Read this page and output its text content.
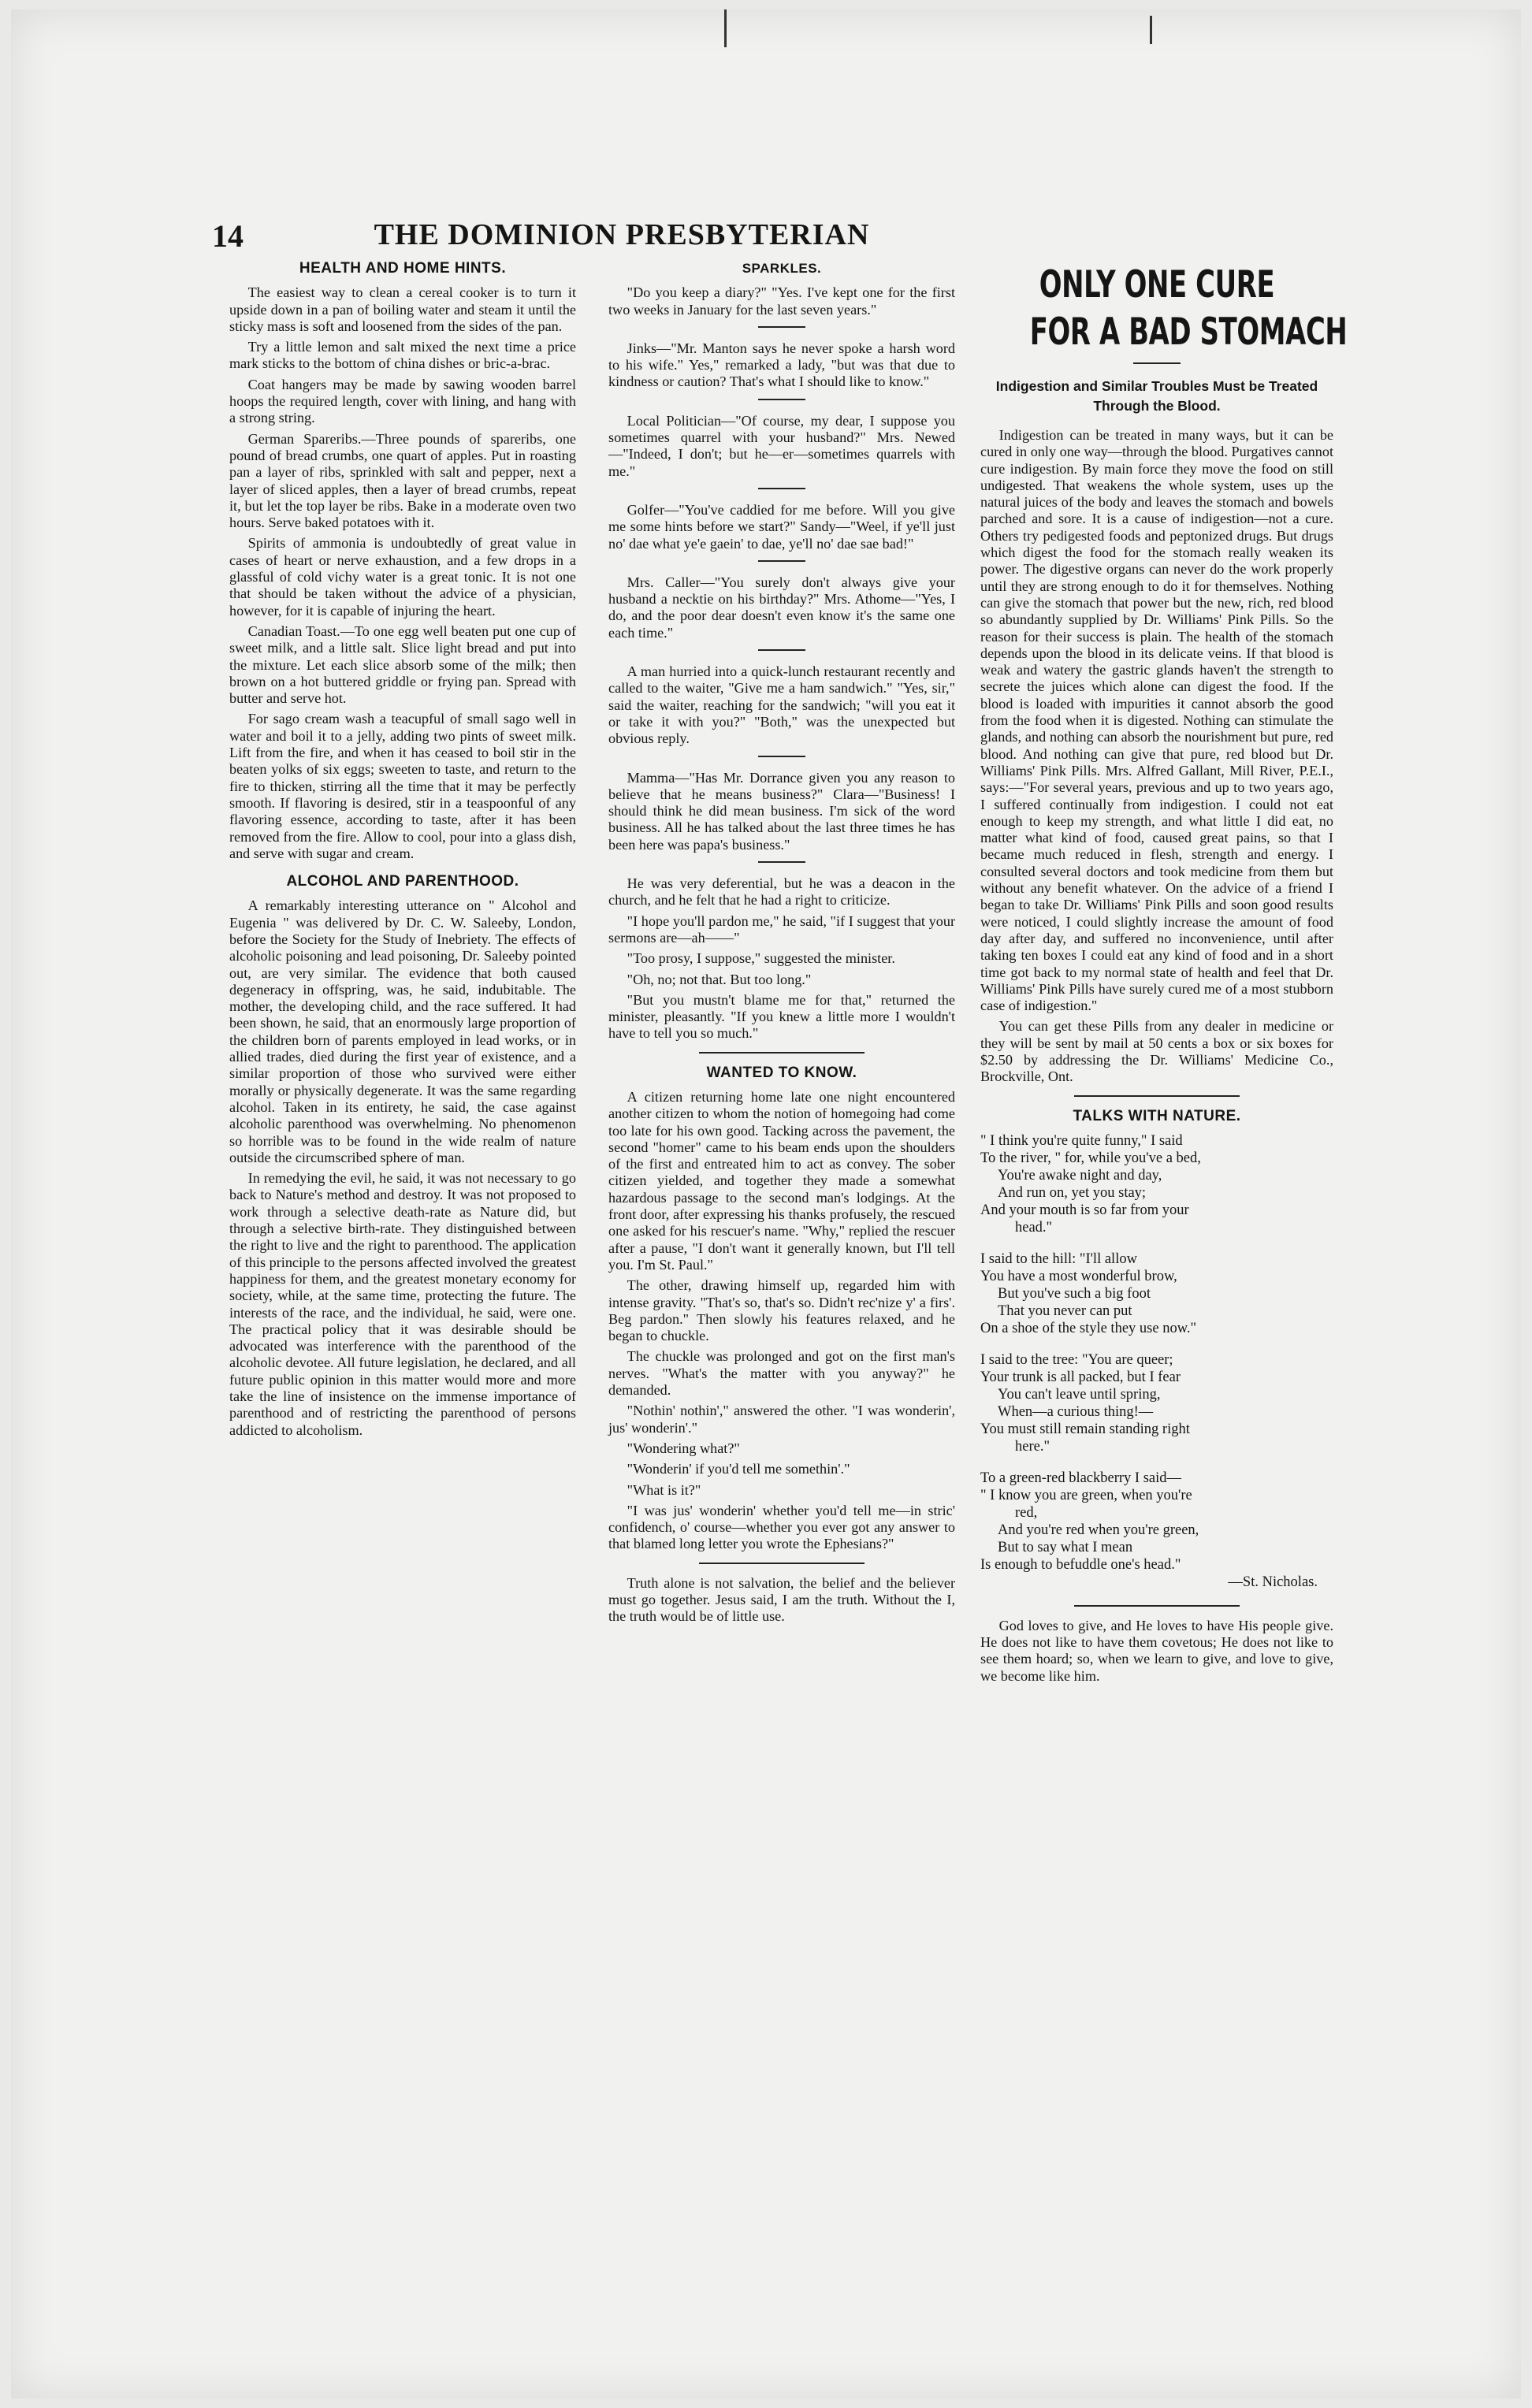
14	THE DOMINION PRESBYTERIAN
HEALTH AND HOME HINTS.

The easiest way to clean a cereal cooker is to turn it upside down in a pan of boiling water and steam it until the sticky mass is soft and loosened from the sides of the pan.

Try a little lemon and salt mixed the next time a price mark sticks to the bottom of china dishes or bric-a-brac.

Coat hangers may be made by sawing wooden barrel hoops the required length, cover with lining, and hang with a strong string.

German Spareribs.—Three pounds of spareribs, one pound of bread crumbs, one quart of apples. Put in roasting pan a layer of ribs, sprinkled with salt and pepper, next a layer of sliced apples, then a layer of bread crumbs, repeat it, but let the top layer be ribs. Bake in a moderate oven two hours. Serve baked potatoes with it.

Spirits of ammonia is undoubtedly of great value in cases of heart or nerve exhaustion, and a few drops in a glassful of cold vichy water is a great tonic. It is not one that should be taken without the advice of a physician, however, for it is capable of injuring the heart.

Canadian Toast.—To one egg well beaten put one cup of sweet milk, and a little salt. Slice light bread and put into the mixture. Let each slice absorb some of the milk; then brown on a hot buttered griddle or frying pan. Spread with butter and serve hot.

For sago cream wash a teacupful of small sago well in water and boil it to a jelly, adding two pints of sweet milk. Lift from the fire, and when it has ceased to boil stir in the beaten yolks of six eggs; sweeten to taste, and return to the fire to thicken, stirring all the time that it may be perfectly smooth. If flavoring is desired, stir in a teaspoonful of any flavoring essence, according to taste, after it has been removed from the fire. Allow to cool, pour into a glass dish, and serve with sugar and cream.

ALCOHOL AND PARENTHOOD.

A remarkably interesting utterance on " Alcohol and Eugenia " was delivered by Dr. C. W. Saleeby, London, before the Society for the Study of Inebriety. The effects of alcoholic poisoning and lead poisoning, Dr. Saleeby pointed out, are very similar. The evidence that both caused degeneracy in offspring, was, he said, indubitable. The mother, the developing child, and the race suffered. It had been shown, he said, that an enormously large proportion of the children born of parents employed in lead works, or in allied trades, died during the first year of existence, and a similar proportion of those who survived were either morally or physically degenerate. It was the same regarding alcohol. Taken in its entirety, he said, the case against alcoholic parenthood was overwhelming. No phenomenon so horrible was to be found in the wide realm of nature outside the circumscribed sphere of man.

In remedying the evil, he said, it was not necessary to go back to Nature's method and destroy. It was not proposed to work through a selective death-rate as Nature did, but through a selective birth-rate. They distinguished between the right to live and the right to parenthood. The application of this principle to the persons affected involved the greatest happiness for them, and the greatest monetary economy for society, while, at the same time, protecting the future. The interests of the race, and the individual, he said, were one. The practical policy that it was desirable should be advocated was interference with the parenthood of the alcoholic devotee. All future legislation, he declared, and all future public opinion in this matter would more and more take the line of insistence on the immense importance of parenthood and of restricting the parenthood of persons addicted to alcoholism.

SPARKLES.

"Do you keep a diary?" "Yes. I've kept one for the first two weeks in January for the last seven years."

Jinks—"Mr. Manton says he never spoke a harsh word to his wife." Yes," remarked a lady, "but was that due to kindness or caution? That's what I should like to know."

Local Politician—"Of course, my dear, I suppose you sometimes quarrel with your husband?" Mrs. Newed—"Indeed, I don't; but he—er—sometimes quarrels with me."

Golfer—"You've caddied for me before. Will you give me some hints before we start?" Sandy—"Weel, if ye'll just no' dae what ye'e gaein' to dae, ye'll no' dae sae bad!"

Mrs. Caller—"You surely don't always give your husband a necktie on his birthday?" Mrs. Athome—"Yes, I do, and the poor dear doesn't even know it's the same one each time."

A man hurried into a quick-lunch restaurant recently and called to the waiter, "Give me a ham sandwich." "Yes, sir," said the waiter, reaching for the sandwich; "will you eat it or take it with you?" "Both," was the unexpected but obvious reply.

Mamma—"Has Mr. Dorrance given you any reason to believe that he means business?" Clara—"Business! I should think he did mean business. I'm sick of the word business. All he has talked about the last three times he has been here was papa's business."

He was very deferential, but he was a deacon in the church, and he felt that he had a right to criticize.

"I hope you'll pardon me," he said, "if I suggest that your sermons are—ah——"

"Too prosy, I suppose," suggested the minister.

"Oh, no; not that. But too long."

"But you mustn't blame me for that," returned the minister, pleasantly. "If you knew a little more I wouldn't have to tell you so much."

WANTED TO KNOW.

A citizen returning home late one night encountered another citizen to whom the notion of homegoing had come too late for his own good. Tacking across the pavement, the second "homer" came to his beam ends upon the shoulders of the first and entreated him to act as convey. The sober citizen yielded, and together they made a somewhat hazardous passage to the second man's lodgings. At the front door, after expressing his thanks profusely, the rescued one asked for his rescuer's name. "Why," replied the rescuer after a pause, "I don't want it generally known, but I'll tell you. I'm St. Paul."

The other, drawing himself up, regarded him with intense gravity. "That's so, that's so. Didn't rec'nize y' a firs'. Beg pardon." Then slowly his features relaxed, and he began to chuckle.

The chuckle was prolonged and got on the first man's nerves. "What's the matter with you anyway?" he demanded.

"Nothin' nothin'," answered the other. "I was wonderin', jus' wonderin'."

"Wondering what?"

"Wonderin' if you'd tell me somethin'."

"What is it?"

"I was jus' wonderin' whether you'd tell me—in stric' confidench, o' course—whether you ever got any answer to that blamed long letter you wrote the Ephesians?"

Truth alone is not salvation, the belief and the believer must go together. Jesus said, I am the truth. Without the I, the truth would be of little use.

ONLY ONE CURE
FOR A BAD STOMACH
Indigestion and Similar Troubles Must be Treated Through the Blood.

Indigestion can be treated in many ways, but it can be cured in only one way—through the blood. Purgatives cannot cure indigestion. By main force they move the food on still undigested. That weakens the whole system, uses up the natural juices of the body and leaves the stomach and bowels parched and sore. It is a cause of indigestion—not a cure. Others try pedigested foods and peptonized drugs. But drugs which digest the food for the stomach really weaken its power. The digestive organs can never do the work properly until they are strong enough to do it for themselves. Nothing can give the stomach that power but the new, rich, red blood so abundantly supplied by Dr. Williams' Pink Pills. So the reason for their success is plain. The health of the stomach depends upon the blood in its delicate veins. If that blood is weak and watery the gastric glands haven't the strength to secrete the juices which alone can digest the food. If the blood is loaded with impurities it cannot absorb the good from the food when it is digested. Nothing can stimulate the glands, and nothing can absorb the nourishment but pure, red blood. And nothing can give that pure, red blood but Dr. Williams' Pink Pills. Mrs. Alfred Gallant, Mill River, P.E.I., says:—"For several years, previous and up to two years ago, I suffered continually from indigestion. I could not eat enough to keep my strength, and what little I did eat, no matter what kind of food, caused great pains, so that I became much reduced in flesh, strength and energy. I consulted several doctors and took medicine from them but without any benefit whatever. On the advice of a friend I began to take Dr. Williams' Pink Pills and soon good results were noticed, I could slightly increase the amount of food day after day, and suffered no inconvenience, until after taking ten boxes I could eat any kind of food and in a short time got back to my normal state of health and feel that Dr. Williams' Pink Pills have surely cured me of a most stubborn case of indigestion."

You can get these Pills from any dealer in medicine or they will be sent by mail at 50 cents a box or six boxes for $2.50 by addressing the Dr. Williams' Medicine Co., Brockville, Ont.

TALKS WITH NATURE.
" I think you're quite funny," I said
To the river, " for, while you've a bed,
You're awake night and day,
And run on, yet you stay;
And your mouth is so far from your
head."
I said to the hill: "I'll allow
You have a most wonderful brow,
But you've such a big foot
That you never can put
On a shoe of the style they use now."
I said to the tree: "You are queer;
Your trunk is all packed, but I fear
You can't leave until spring,
When—a curious thing!—
You must still remain standing right
here."
To a green-red blackberry I said—
" I know you are green, when you're
red,
And you're red when you're green,
But to say what I mean
Is enough to befuddle one's head."
—St. Nicholas.

God loves to give, and He loves to have His people give. He does not like to have them covetous; He does not like to see them hoard; so, when we learn to give, and love to give, we become like him.
